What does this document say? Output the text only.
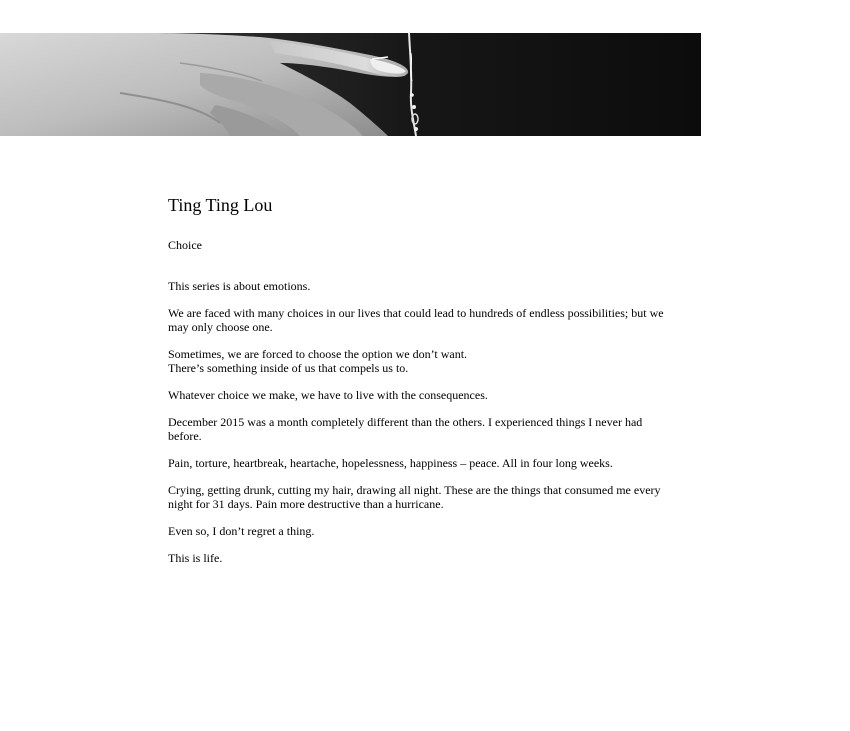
Ting Ting Lou
Choice

This series is about emotions.

We are faced with many choices in our lives that could lead to hundreds of endless possibilities; but we may only choose one.

Sometimes, we are forced to choose the option we don’t want.
There’s something inside of us that compels us to.

Whatever choice we make, we have to live with the consequences.

December 2015 was a month completely different than the others. I experienced things I never had before.

Pain, torture, heartbreak, heartache, hopelessness, happiness – peace. All in four long weeks.

Crying, getting drunk, cutting my hair, drawing all night. These are the things that consumed me every night for 31 days. Pain more destructive than a hurricane.

Even so, I don’t regret a thing.

This is life.
